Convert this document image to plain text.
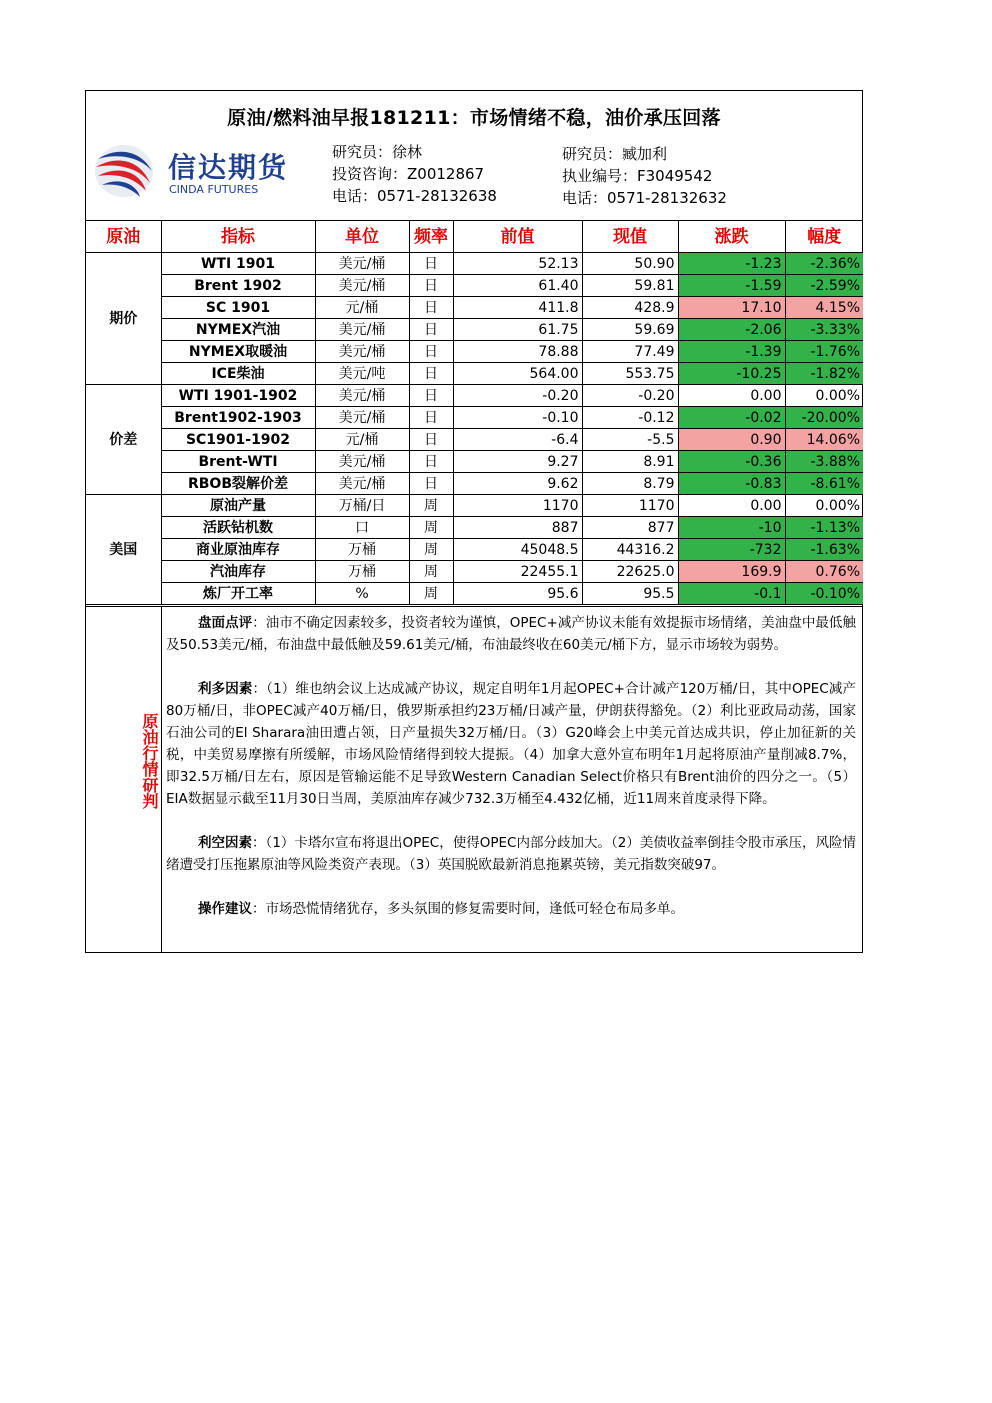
原油/燃料油早报181211：市场情绪不稳，油价承压回落
信达期货
CINDA FUTURES
研究员：徐林
投资咨询：Z0012867
电话：0571-28132638
研究员：臧加利
执业编号：F3049542
电话：0571-28132632
原油	指标	单位	频率	前值	现值	涨跌	幅度
期价	WTI 1901	美元/桶	日	52.13	50.90	-1.23	-2.36%
	Brent 1902	美元/桶	日	61.40	59.81	-1.59	-2.59%
	SC 1901	元/桶	日	411.8	428.9	17.10	4.15%
	NYMEX汽油	美元/桶	日	61.75	59.69	-2.06	-3.33%
	NYMEX取暖油	美元/桶	日	78.88	77.49	-1.39	-1.76%
	ICE柴油	美元/吨	日	564.00	553.75	-10.25	-1.82%
价差	WTI 1901-1902	美元/桶	日	-0.20	-0.20	0.00	0.00%
	Brent1902-1903	美元/桶	日	-0.10	-0.12	-0.02	-20.00%
	SC1901-1902	元/桶	日	-6.4	-5.5	0.90	14.06%
	Brent-WTI	美元/桶	日	9.27	8.91	-0.36	-3.88%
	RBOB裂解价差	美元/桶	日	9.62	8.79	-0.83	-8.61%
美国	原油产量	万桶/日	周	1170	1170	0.00	0.00%
	活跃钻机数	口	周	887	877	-10	-1.13%
	商业原油库存	万桶	周	45048.5	44316.2	-732	-1.63%
	汽油库存	万桶	周	22455.1	22625.0	169.9	0.76%
	炼厂开工率	%	周	95.6	95.5	-0.1	-0.10%
原油行情研判

盘面点评：油市不确定因素较多，投资者较为谨慎，OPEC+减产协议未能有效提振市场情绪，美油盘中最低触及50.53美元/桶，布油盘中最低触及59.61美元/桶，布油最终收在60美元/桶下方，显示市场较为弱势。

利多因素：（1）维也纳会议上达成减产协议，规定自明年1月起OPEC+合计减产120万桶/日，其中OPEC减产80万桶/日，非OPEC减产40万桶/日，俄罗斯承担约23万桶/日减产量，伊朗获得豁免。（2）利比亚政局动荡，国家石油公司的El Sharara油田遭占领，日产量损失32万桶/日。（3）G20峰会上中美元首达成共识，停止加征新的关税，中美贸易摩擦有所缓解，市场风险情绪得到较大提振。（4）加拿大意外宣布明年1月起将原油产量削减8.7%，即32.5万桶/日左右，原因是管输运能不足导致Western Canadian Select价格只有Brent油价的四分之一。（5）EIA数据显示截至11月30日当周，美原油库存减少732.3万桶至4.432亿桶，近11周来首度录得下降。

利空因素：（1）卡塔尔宣布将退出OPEC，使得OPEC内部分歧加大。（2）美债收益率倒挂令股市承压，风险情绪遭受打压拖累原油等风险类资产表现。（3）英国脱欧最新消息拖累英镑，美元指数突破97。

操作建议：市场恐慌情绪犹存，多头氛围的修复需要时间，逢低可轻仓布局多单。
